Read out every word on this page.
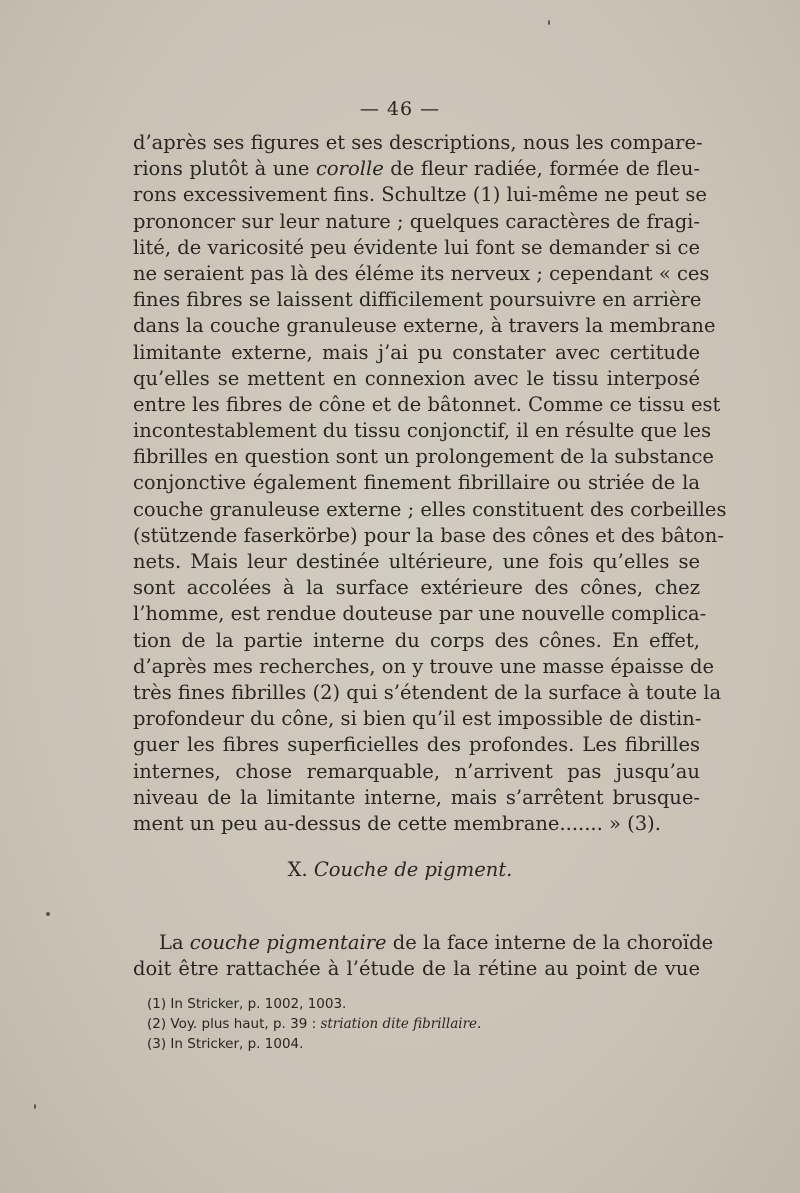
— 46 —
d’après ses figures et ses descriptions, nous les compare-
rions plutôt à une corolle de fleur radiée, formée de fleu-
rons excessivement fins. Schultze (1) lui-même ne peut se
prononcer sur leur nature ; quelques caractères de fragi-
lité, de varicosité peu évidente lui font se demander si ce
ne seraient pas là des éléme its nerveux ; cependant « ces
fines fibres se laissent difficilement poursuivre en arrière
dans la couche granuleuse externe, à travers la membrane
limitante externe, mais j’ai pu constater avec certitude
qu’elles se mettent en connexion avec le tissu interposé
entre les fibres de cône et de bâtonnet. Comme ce tissu est
incontestablement du tissu conjonctif, il en résulte que les
fibrilles en question sont un prolongement de la substance
conjonctive également finement fibrillaire ou striée de la
couche granuleuse externe ; elles constituent des corbeilles
(stützende faserkörbe) pour la base des cônes et des bâton-
nets. Mais leur destinée ultérieure, une fois qu’elles se
sont accolées à la surface extérieure des cônes, chez
l’homme, est rendue douteuse par une nouvelle complica-
tion de la partie interne du corps des cônes. En effet,
d’après mes recherches, on y trouve une masse épaisse de
très fines fibrilles (2) qui s’étendent de la surface à toute la
profondeur du cône, si bien qu’il est impossible de distin-
guer les fibres superficielles des profondes. Les fibrilles
internes, chose remarquable, n’arrivent pas jusqu’au
niveau de la limitante interne, mais s’arrêtent brusque-
ment un peu au-dessus de cette membrane....... » (3).
X. Couche de pigment.
La couche pigmentaire de la face interne de la choroïde
doit être rattachée à l’étude de la rétine au point de vue
(1) In Stricker, p. 1002, 1003.
(2) Voy. plus haut, p. 39 : striation dite fibrillaire.
(3) In Stricker, p. 1004.
